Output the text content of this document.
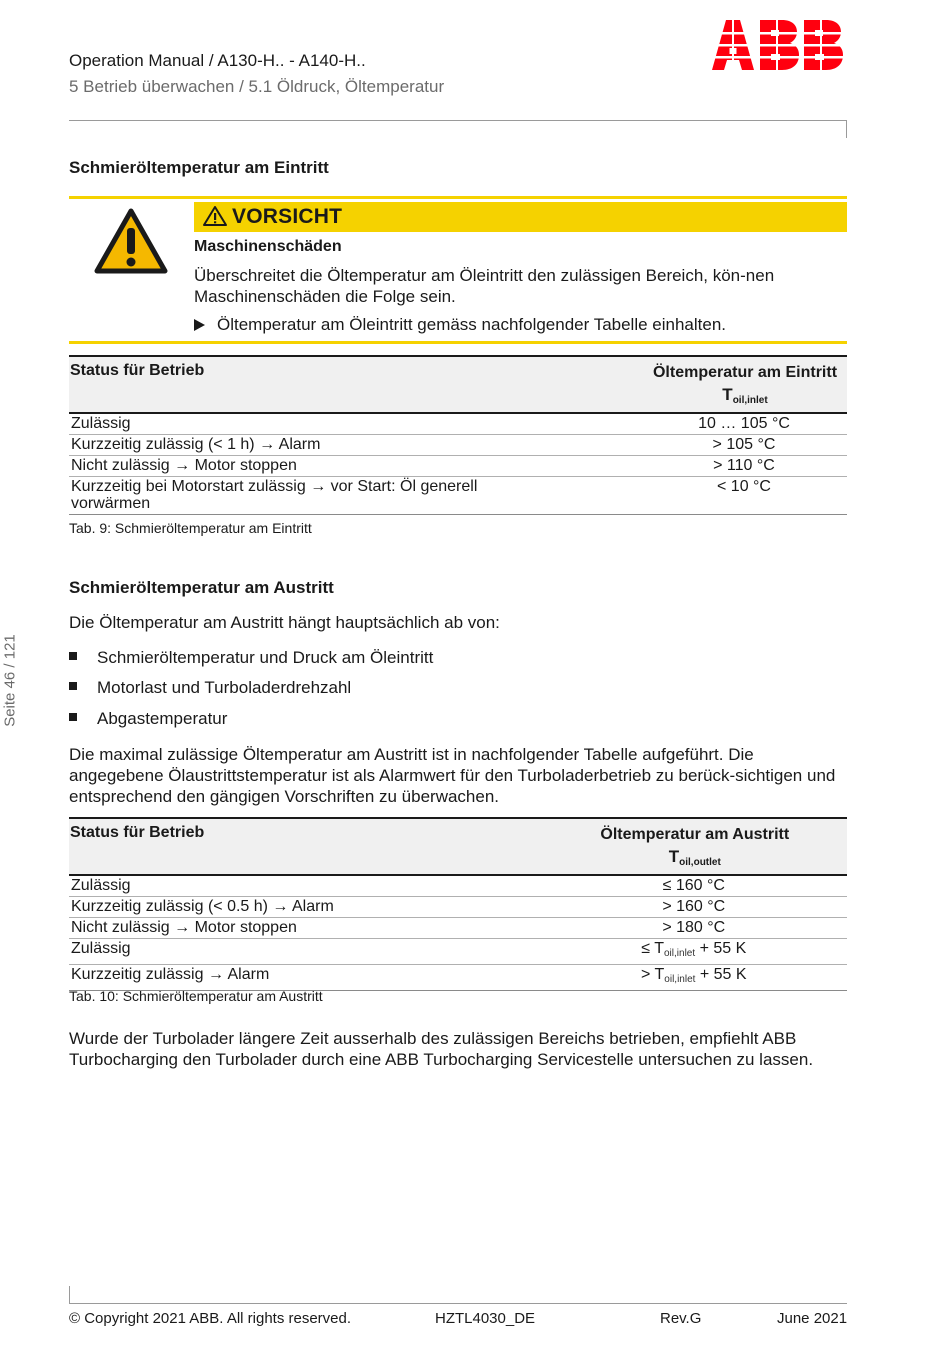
Operation Manual / A130-H.. - A140-H..
5 Betrieb überwachen / 5.1 Öldruck, Öltemperatur
Seite 46 / 121
Schmieröltemperatur am Eintritt
VORSICHT
Maschinenschäden
Überschreitet die Öltemperatur am Öleintritt den zulässigen Bereich, kön-nen Maschinenschäden die Folge sein.
Öltemperatur am Öleintritt gemäss nachfolgender Tabelle einhalten.
Status für Betrieb	Öltemperatur am Eintritt
Toil,inlet

Zulässig	10 … 105 °C
Kurzzeitig zulässig (< 1 h) → Alarm	> 105 °C
Nicht zulässig → Motor stoppen	> 110 °C
Kurzzeitig bei Motorstart zulässig → vor Start: Öl generell vorwärmen	< 10 °C
Tab. 9: Schmieröltemperatur am Eintritt
Schmieröltemperatur am Austritt
Die Öltemperatur am Austritt hängt hauptsächlich ab von:
Schmieröltemperatur und Druck am Öleintritt
Motorlast und Turboladerdrehzahl
Abgastemperatur
Die maximal zulässige Öltemperatur am Austritt ist in nachfolgender Tabelle aufgeführt. Die angegebene Ölaustrittstemperatur ist als Alarmwert für den Turboladerbetrieb zu berück-sichtigen und entsprechend den gängigen Vorschriften zu überwachen.
Status für Betrieb	Öltemperatur am Austritt
Toil,outlet

Zulässig	≤ 160 °C
Kurzzeitig zulässig (< 0.5 h) → Alarm	> 160 °C
Nicht zulässig → Motor stoppen	> 180 °C
Zulässig	≤ Toil,inlet + 55 K
Kurzzeitig zulässig → Alarm	> Toil,inlet + 55 K
Tab. 10: Schmieröltemperatur am Austritt
Wurde der Turbolader längere Zeit ausserhalb des zulässigen Bereichs betrieben, empfiehlt ABB Turbocharging den Turbolader durch eine ABB Turbocharging Servicestelle untersuchen zu lassen.
© Copyright 2021 ABB. All rights reserved.	HZTL4030_DE	Rev.G	June 2021
